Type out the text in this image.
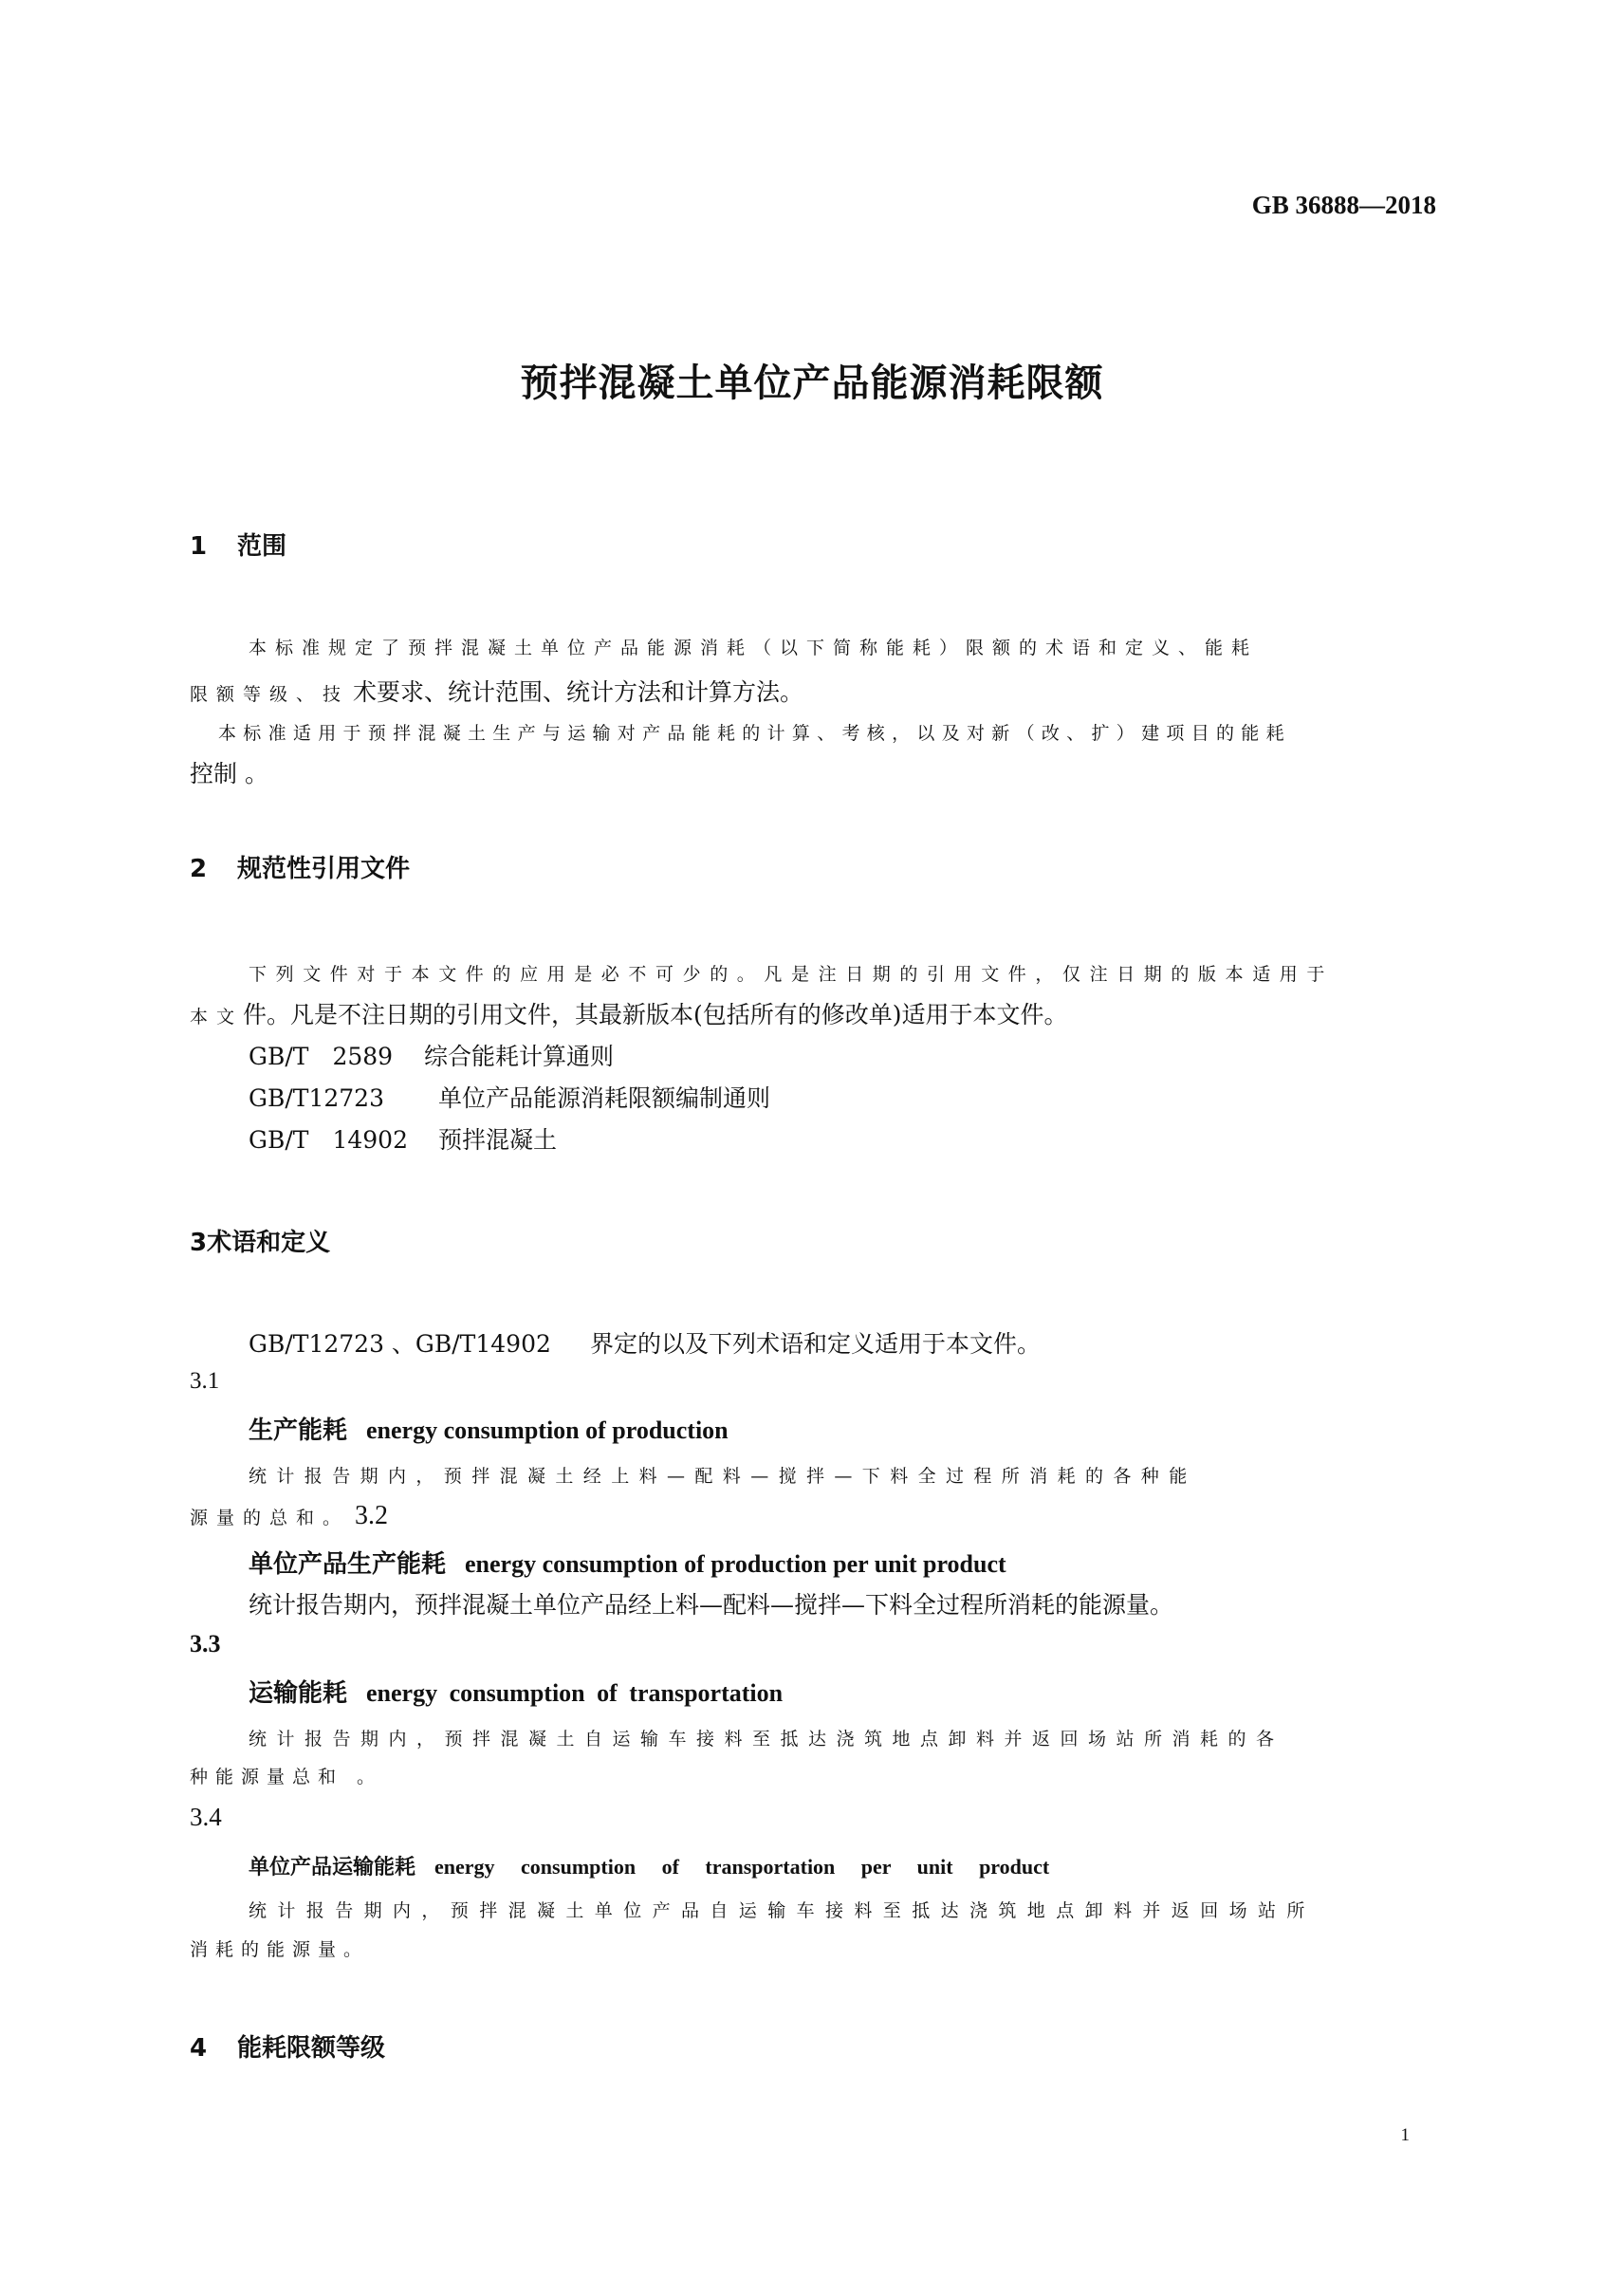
GB 36888—2018
预拌混凝土单位产品能源消耗限额
1 范围
本标准规定了预拌混凝土单位产品能源消耗（以下简称能耗）限额的术语和定义、能耗
限额等级、技 术要求、统计范围、统计方法和计算方法。
本标准适用于预拌混凝土生产与运输对产品能耗的计算、考核，以及对新（改、扩）建项目的能耗
控制 。
2 规范性引用文件
下列文件对于本文件的应用是必不可少的。凡是注日期的引用文件，仅注日期的版本适用于
本文件。凡是不注日期的引用文件，其最新版本(包括所有的修改单)适用于本文件。
GB/T　2589 综合能耗计算通则
GB/T12723 单位产品能源消耗限额编制通则
GB/T　14902 预拌混凝土
3术语和定义
GB/T12723 、GB/T14902 界定的以及下列术语和定义适用于本文件。
3.1
生产能耗 energy consumption of production
统计报告期内，预拌混凝土经上料—配料—搅拌—下料全过程所消耗的各种能
源量的总和。 3.2
单位产品生产能耗 energy consumption of production per unit product
统计报告期内，预拌混凝土单位产品经上料—配料—搅拌—下料全过程所消耗的能源量。
3.3
运输能耗 energy consumption of transportation
统计报告期内，预拌混凝土自运输车接料至抵达浇筑地点卸料并返回场站所消耗的各
种能源量总和 。
3.4
单位产品运输能耗 energy consumption of transportation per unit product
统计报告期内，预拌混凝土单位产品自运输车接料至抵达浇筑地点卸料并返回场站所
消耗的能源量。
4 能耗限额等级
1
